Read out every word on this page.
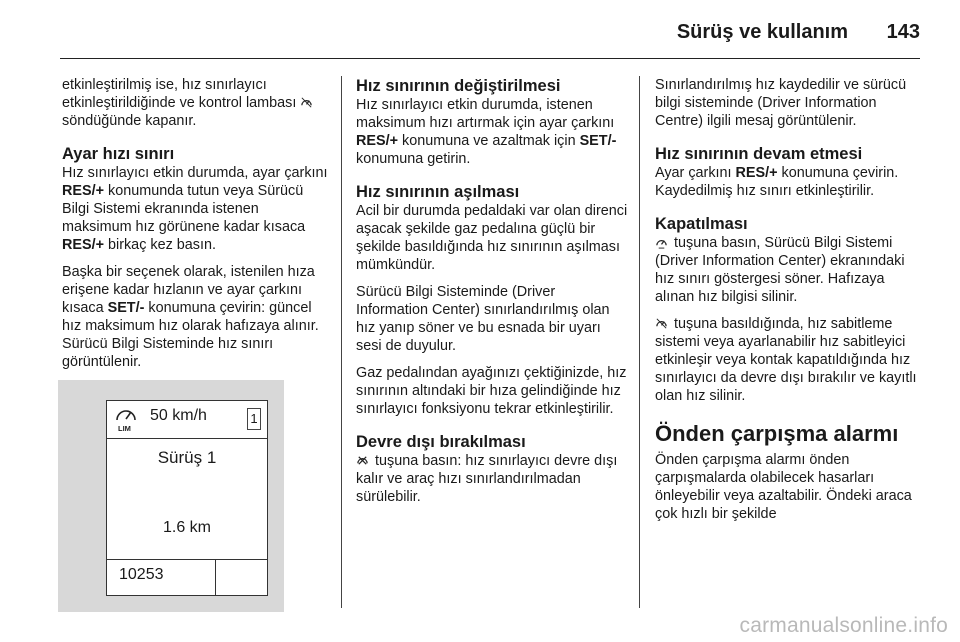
Sürüş ve kullanım 143

etkinleştirilmiş ise, hız sınırlayıcı etkinleştirildiğinde ve kontrol lambası  söndüğünde kapanır.

Ayar hızı sınırı

Hız sınırlayıcı etkin durumda, ayar çarkını RES/+ konumunda tutun veya Sürücü Bilgi Sistemi ekranında istenen maksimum hız görünene kadar kısaca RES/+ birkaç kez basın.

Başka bir seçenek olarak, istenilen hıza erişene kadar hızlanın ve ayar çarkını kısaca SET/- konumuna çevirin: güncel hız maksimum hız olarak hafızaya alınır. Sürücü Bilgi Sisteminde hız sınırı görüntülenir.

LIM
50 km/h	1
Sürüş 1
1.6 km
10253
Hız sınırının değiştirilmesi

Hız sınırlayıcı etkin durumda, istenen maksimum hızı artırmak için ayar çarkını RES/+ konumuna ve azaltmak için SET/- konumuna getirin.

Hız sınırının aşılması

Acil bir durumda pedaldaki var olan direnci aşacak şekilde gaz pedalına güçlü bir şekilde basıldığında hız sınırının aşılması mümkündür.

Sürücü Bilgi Sisteminde (Driver Information Center) sınırlandırılmış olan hız yanıp söner ve bu esnada bir uyarı sesi de duyulur.

Gaz pedalından ayağınızı çektiğinizde, hız sınırının altındaki bir hıza gelindiğinde hız sınırlayıcı fonksiyonu tekrar etkinleştirilir.

Devre dışı bırakılması

tuşuna basın: hız sınırlayıcı devre dışı kalır ve araç hızı sınırlandırılmadan sürülebilir.

Sınırlandırılmış hız kaydedilir ve sürücü bilgi sisteminde (Driver Information Centre) ilgili mesaj görüntülenir.

Hız sınırının devam etmesi

Ayar çarkını RES/+ konumuna çevirin. Kaydedilmiş hız sınırı etkinleştirilir.

Kapatılması

tuşuna basın, Sürücü Bilgi Sistemi (Driver Information Center) ekranındaki hız sınırı göstergesi söner. Hafızaya alınan hız bilgisi silinir.

tuşuna basıldığında, hız sabitleme sistemi veya ayarlanabilir hız sabitleyici etkinleşir veya kontak kapatıldığında hız sınırlayıcı da devre dışı bırakılır ve kayıtlı olan hız silinir.

Önden çarpışma alarmı

Önden çarpışma alarmı önden çarpışmalarda olabilecek hasarları önleyebilir veya azaltabilir. Öndeki araca çok hızlı bir şekilde

carmanualsonline.info
